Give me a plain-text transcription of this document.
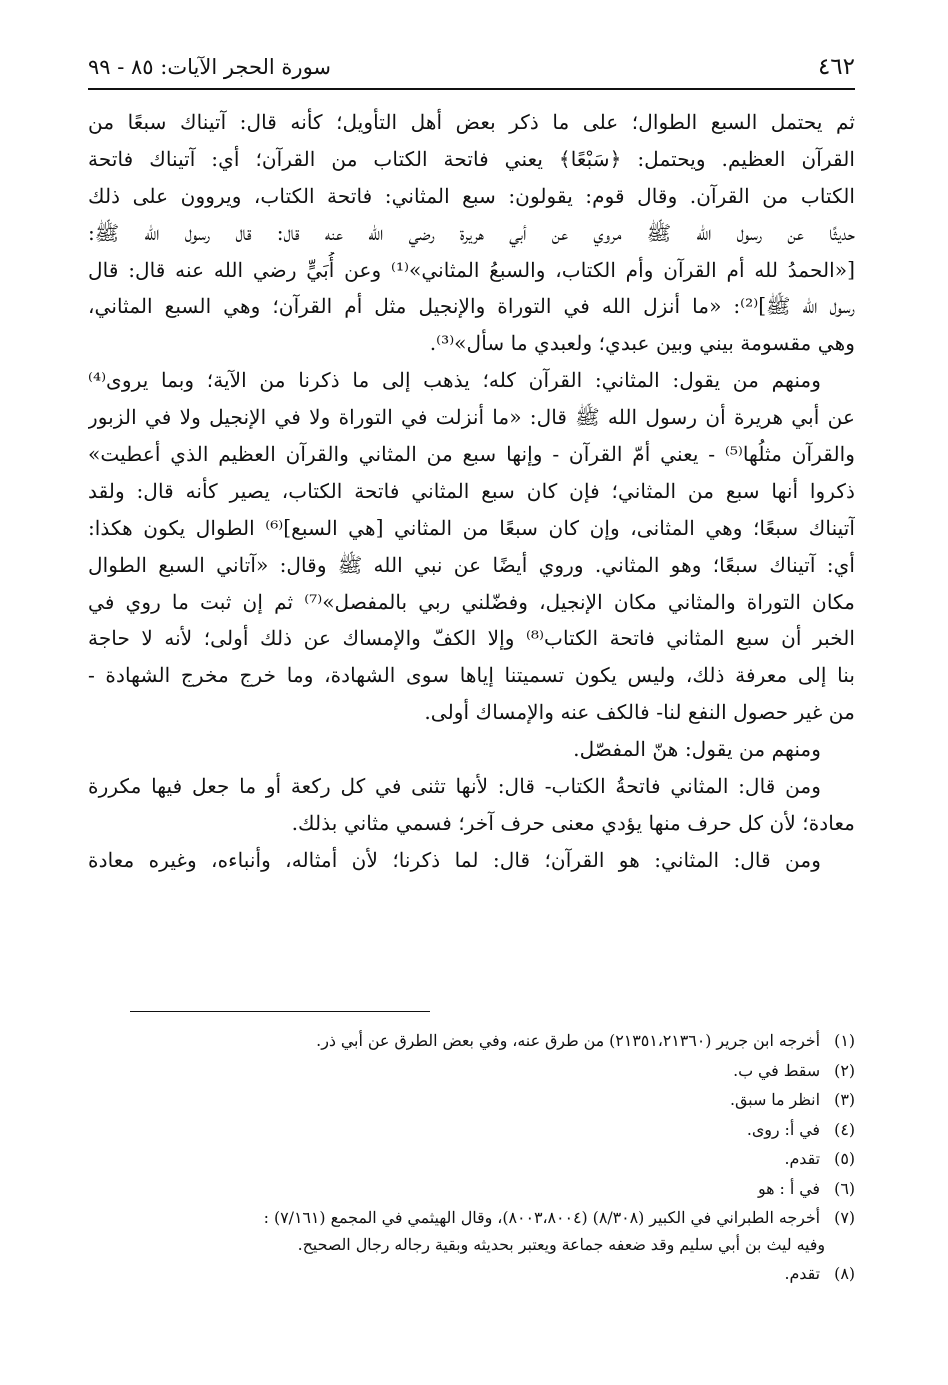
٤٦٢
سورة الحجر الآيات: ٨٥ - ٩٩
ثم يحتمل السبع الطوال؛ على ما ذكر بعض أهل التأويل؛ كأنه قال: آتيناك سبعًا من
القرآن العظيم. ويحتمل: ﴿سَبْعًا﴾ يعني فاتحة الكتاب من القرآن؛ أي: آتيناك فاتحة
الكتاب من القرآن. وقال قوم: يقولون: سبع المثاني: فاتحة الكتاب، ويروون على ذلك
حديثًا عن رسول الله ﷺ مروي عن أبي هريرة رضي الله عنه قال: قال رسول الله ﷺ:
[«الحمدُ لله أم القرآن وأم الكتاب، والسبعُ المثاني»⁽¹⁾ وعن أُبَيٍّ رضي الله عنه قال: قال
رسول الله ﷺ]⁽²⁾: «ما أنزل الله في التوراة والإنجيل مثل أم القرآن؛ وهي السبع المثاني،
وهي مقسومة بيني وبين عبدي؛ ولعبدي ما سأل»⁽³⁾.
ومنهم من يقول: المثاني: القرآن كله؛ يذهب إلى ما ذكرنا من الآية؛ وبما يروى⁽⁴⁾
عن أبي هريرة أن رسول الله ﷺ قال: «ما أنزلت في التوراة ولا في الإنجيل ولا في الزبور
والقرآن مثلُها⁽⁵⁾ - يعني أمّ القرآن - وإنها سبع من المثاني والقرآن العظيم الذي أعطيت»
ذكروا أنها سبع من المثاني؛ فإن كان سبع المثاني فاتحة الكتاب، يصير كأنه قال: ولقد
آتيناك سبعًا؛ وهي المثانى، وإن كان سبعًا من المثاني [هي السبع]⁽⁶⁾ الطوال يكون هكذا:
أي: آتيناك سبعًا؛ وهو المثاني. وروي أيضًا عن نبي الله ﷺ وقال: «آتاني السبع الطوال
مكان التوراة والمثاني مكان الإنجيل، وفضّلني ربي بالمفصل»⁽⁷⁾ ثم إن ثبت ما روي في
الخبر أن سبع المثاني فاتحة الكتاب⁽⁸⁾ وإلا الكفّ والإمساك عن ذلك أولى؛ لأنه لا حاجة
بنا إلى معرفة ذلك، وليس يكون تسميتنا إياها سوى الشهادة، وما خرج مخرج الشهادة -
من غير حصول النفع لنا- فالكف عنه والإمساك أولى.
ومنهم من يقول: هنّ المفصّل.
ومن قال: المثاني فاتحةُ الكتاب- قال: لأنها تثنى في كل ركعة أو ما جعل فيها مكررة
معادة؛ لأن كل حرف منها يؤدي معنى حرف آخر؛ فسمي مثاني بذلك.
ومن قال: المثاني: هو القرآن؛ قال: لما ذكرنا؛ لأن أمثاله، وأنباءه، وغيره معادة
(١) أخرجه ابن جرير (٢١٣٥١،٢١٣٦٠) من طرق عنه، وفي بعض الطرق عن أبي ذر.
(٢) سقط في ب.
(٣) انظر ما سبق.
(٤) في أ: روى.
(٥) تقدم.
(٦) في أ : هو
(٧) أخرجه الطبراني في الكبير (٨/٣٠٨) (٨٠٠٣،٨٠٠٤)، وقال الهيثمي في المجمع (٧/١٦١) :
وفيه ليث بن أبي سليم وقد ضعفه جماعة ويعتبر بحديثه وبقية رجاله رجال الصحيح.
(٨) تقدم.
